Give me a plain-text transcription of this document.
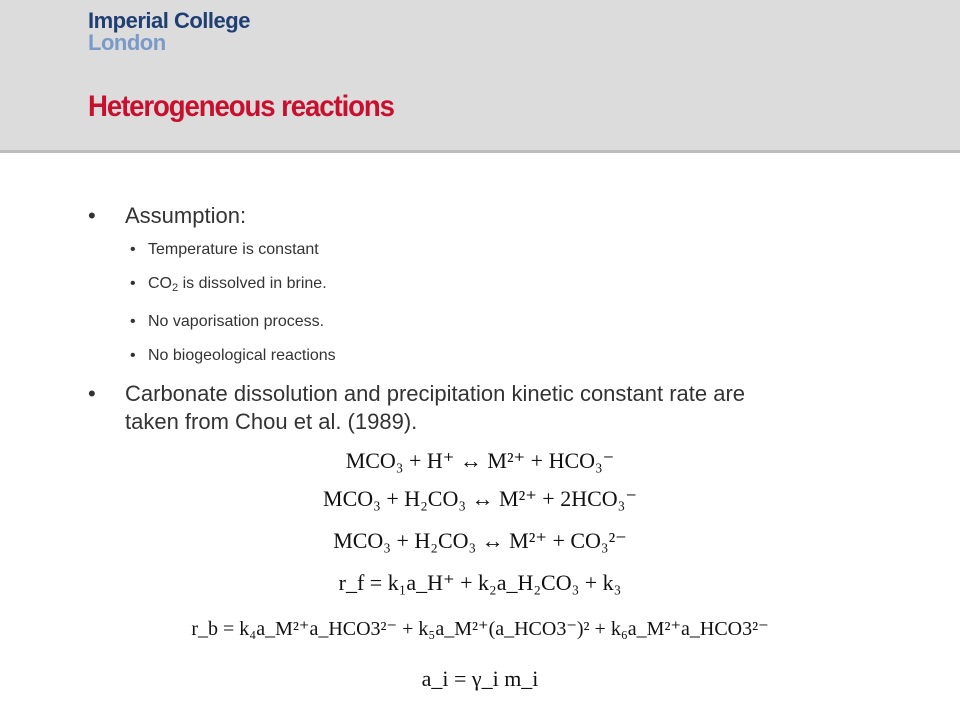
Imperial College
London
Heterogeneous reactions
• Assumption:
• Temperature is constant
• $CO_2$ is dissolved in brine.
• No vaporisation process.
• No biogeological reactions
• Carbonate dissolution and precipitation kinetic constant rate are
taken from Chou et al. (1989).
MCO₃ + H⁺ ↔ M²⁺ + HCO₃⁻
MCO₃ + H₂CO₃ ↔ M²⁺ + 2HCO₃⁻
MCO₃ + H₂CO₃ ↔ M²⁺ + CO₃²⁻
r_f = k₁a_H⁺ + k₂a_H₂CO₃ + k₃
r_b = k₄a_M²⁺a_HCO3²⁻ + k₅a_M²⁺(a_HCO3⁻)² + k₆a_M²⁺a_HCO3²⁻
a_i = γ_i m_i
